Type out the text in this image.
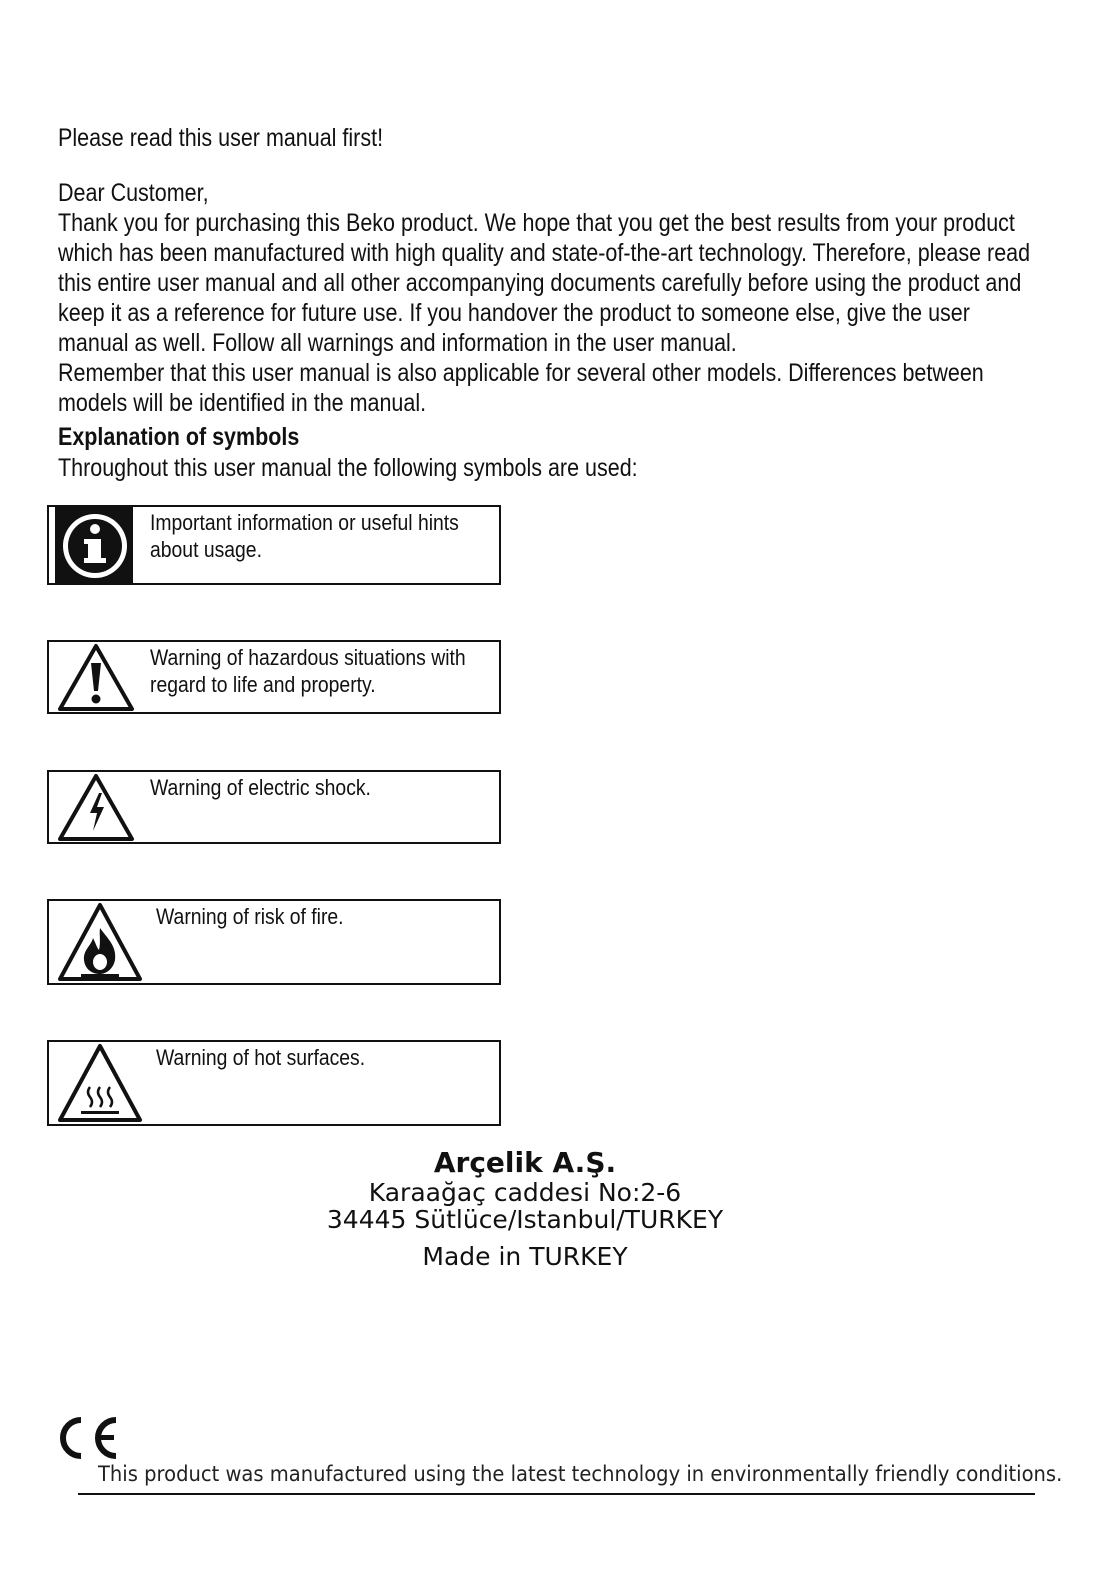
Please read this user manual first!

Dear Customer,

Thank you for purchasing this Beko product. We hope that you get the best results from your product which has been manufactured with high quality and state-of-the-art technology. Therefore, please read this entire user manual and all other accompanying documents carefully before using the product and keep it as a reference for future use. If you handover the product to someone else, give the user manual as well. Follow all warnings and information in the user manual.

Remember that this user manual is also applicable for several other models. Differences between models will be identified in the manual.

Explanation of symbols

Throughout this user manual the following symbols are used:

Important information or useful hints about usage.
Warning of hazardous situations with regard to life and property.
Warning of electric shock.
Warning of risk of fire.
Warning of hot surfaces.
Arçelik A.Ş.
Karaağaç caddesi No:2-6
34445 Sütlüce/Istanbul/TURKEY
Made in TURKEY
This product was manufactured using the latest technology in environmentally friendly conditions.
